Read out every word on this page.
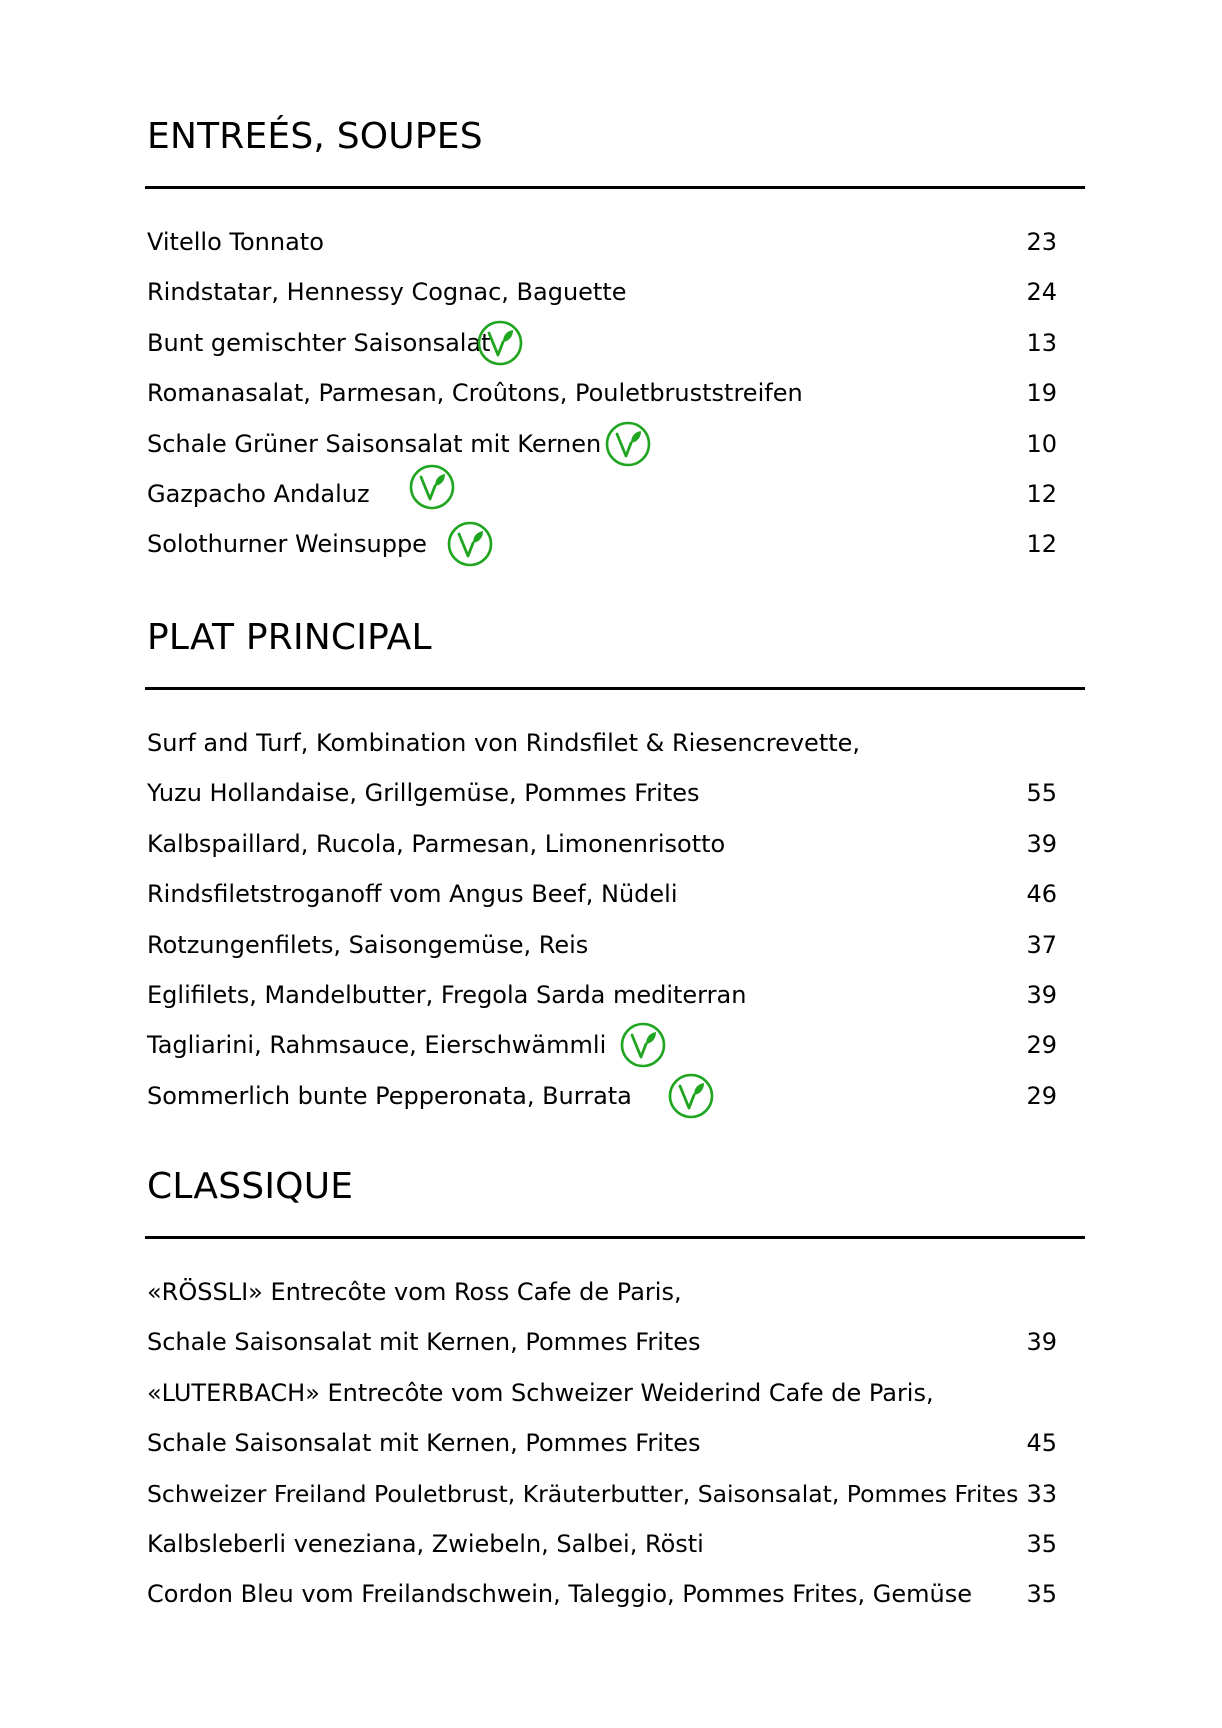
ENTREÉS, SOUPES
Vitello Tonnato	23
Rindstatar, Hennessy Cognac, Baguette	24
Bunt gemischter Saisonsalat	13
Romanasalat, Parmesan, Croûtons, Pouletbruststreifen	19
Schale Grüner Saisonsalat mit Kernen	10
Gazpacho Andaluz	12
Solothurner Weinsuppe	12
PLAT PRINCIPAL
Surf and Turf, Kombination von Rindsfilet & Riesencrevette,
Yuzu Hollandaise, Grillgemüse, Pommes Frites	55
Kalbspaillard, Rucola, Parmesan, Limonenrisotto	39
Rindsfiletstroganoff vom Angus Beef, Nüdeli	46
Rotzungenfilets, Saisongemüse, Reis	37
Eglifilets, Mandelbutter, Fregola Sarda mediterran	39
Tagliarini, Rahmsauce, Eierschwämmli	29
Sommerlich bunte Pepperonata, Burrata	29
CLASSIQUE
«RÖSSLI» Entrecôte vom Ross Cafe de Paris,
Schale Saisonsalat mit Kernen, Pommes Frites	39
«LUTERBACH» Entrecôte vom Schweizer Weiderind Cafe de Paris,
Schale Saisonsalat mit Kernen, Pommes Frites	45
Schweizer Freiland Pouletbrust, Kräuterbutter, Saisonsalat, Pommes Frites 33
Kalbsleberli veneziana, Zwiebeln, Salbei, Rösti	35
Cordon Bleu vom Freilandschwein, Taleggio, Pommes Frites, Gemüse 35
